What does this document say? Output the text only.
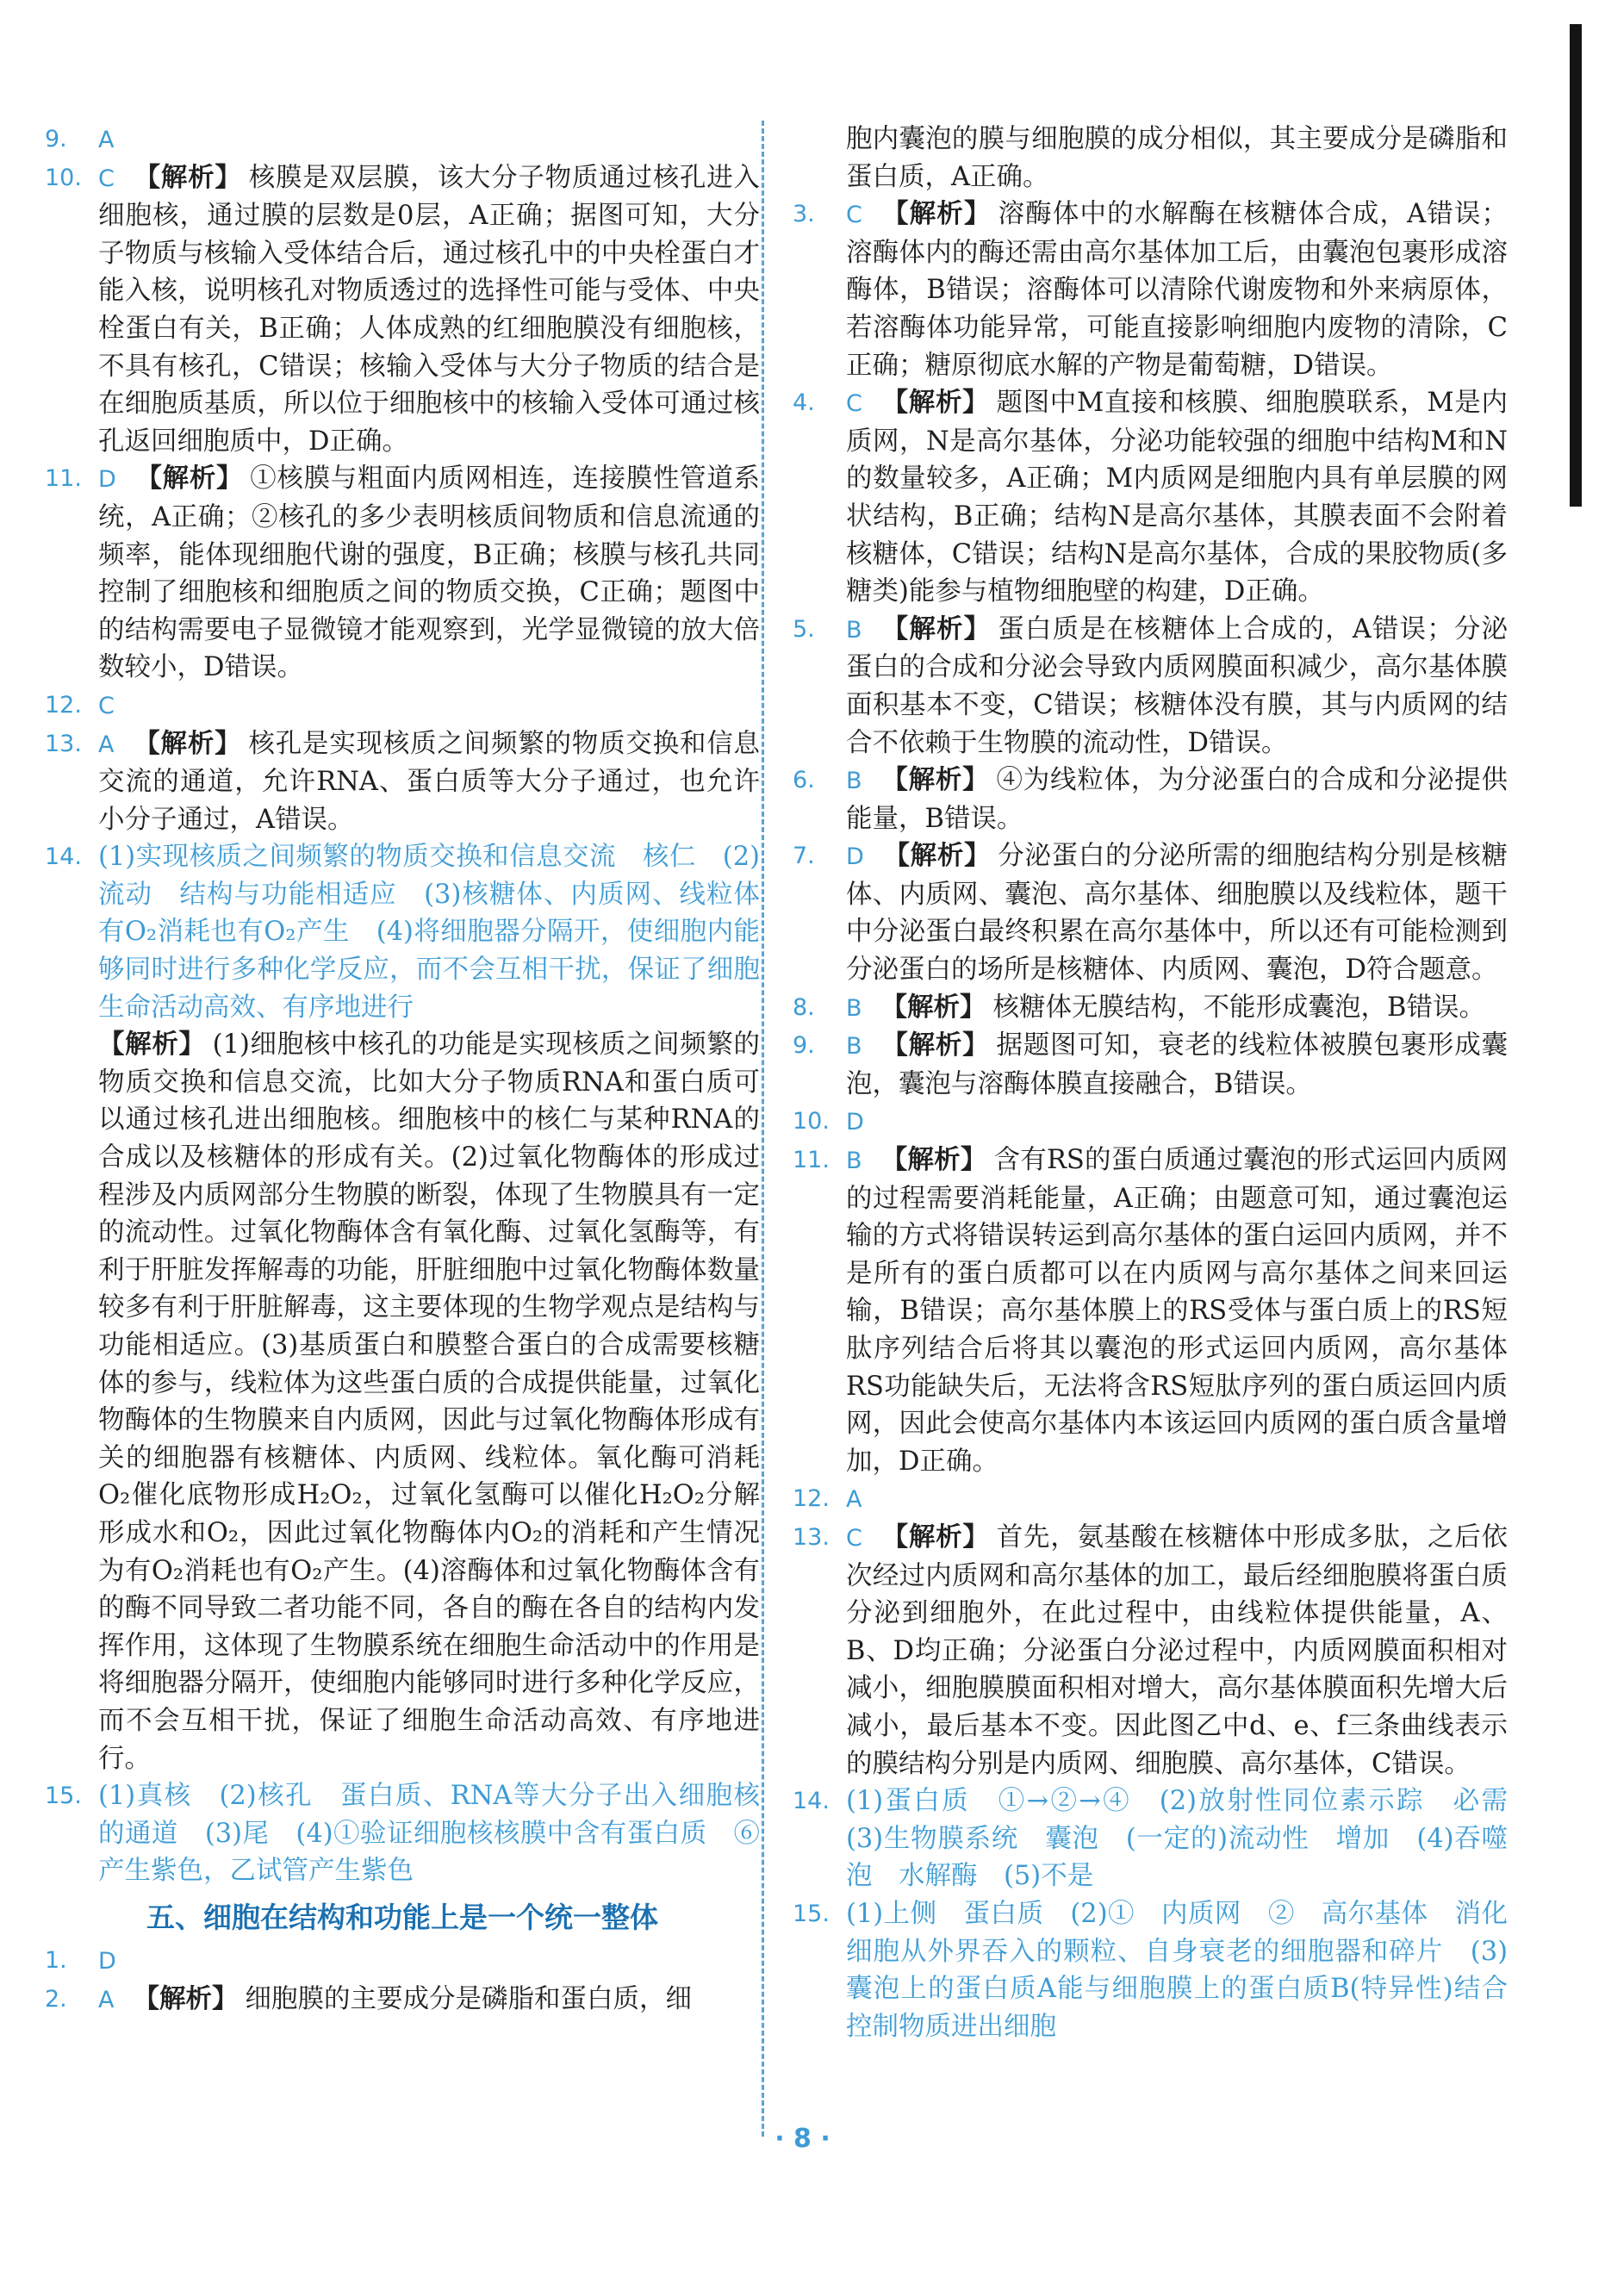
9.	A
10. C 【解析】 核膜是双层膜，该大分子物质通过核孔进入细胞核，通过膜的层数是0层，A正确；据图可知，大分子物质与核输入受体结合后，通过核孔中的中央栓蛋白才能入核，说明核孔对物质透过的选择性可能与受体、中央栓蛋白有关，B正确；人体成熟的红细胞膜没有细胞核，不具有核孔，C错误；核输入受体与大分子物质的结合是在细胞质基质，所以位于细胞核中的核输入受体可通过核孔返回细胞质中，D正确。
11. D 【解析】 ①核膜与粗面内质网相连，连接膜性管道系统，A正确；②核孔的多少表明核质间物质和信息流通的频率，能体现细胞代谢的强度，B正确；核膜与核孔共同控制了细胞核和细胞质之间的物质交换，C正确；题图中的结构需要电子显微镜才能观察到，光学显微镜的放大倍数较小，D错误。
12. C
13. A 【解析】 核孔是实现核质之间频繁的物质交换和信息交流的通道，允许RNA、蛋白质等大分子通过，也允许小分子通过，A错误。
14. (1)实现核质之间频繁的物质交换和信息交流　核仁　(2)流动　结构与功能相适应　(3)核糖体、内质网、线粒体　有O₂消耗也有O₂产生　(4)将细胞器分隔开，使细胞内能够同时进行多种化学反应，而不会互相干扰，保证了细胞生命活动高效、有序地进行
【解析】 (1)细胞核中核孔的功能是实现核质之间频繁的物质交换和信息交流，比如大分子物质RNA和蛋白质可以通过核孔进出细胞核。细胞核中的核仁与某种RNA的合成以及核糖体的形成有关。(2)过氧化物酶体的形成过程涉及内质网部分生物膜的断裂，体现了生物膜具有一定的流动性。过氧化物酶体含有氧化酶、过氧化氢酶等，有利于肝脏发挥解毒的功能，肝脏细胞中过氧化物酶体数量较多有利于肝脏解毒，这主要体现的生物学观点是结构与功能相适应。(3)基质蛋白和膜整合蛋白的合成需要核糖体的参与，线粒体为这些蛋白质的合成提供能量，过氧化物酶体的生物膜来自内质网，因此与过氧化物酶体形成有关的细胞器有核糖体、内质网、线粒体。氧化酶可消耗O₂催化底物形成H₂O₂，过氧化氢酶可以催化H₂O₂分解形成水和O₂，因此过氧化物酶体内O₂的消耗和产生情况为有O₂消耗也有O₂产生。(4)溶酶体和过氧化物酶体含有的酶不同导致二者功能不同，各自的酶在各自的结构内发挥作用，这体现了生物膜系统在细胞生命活动中的作用是将细胞器分隔开，使细胞内能够同时进行多种化学反应，而不会互相干扰，保证了细胞生命活动高效、有序地进行。
15. (1)真核　(2)核孔　蛋白质、RNA等大分子出入细胞核的通道　(3)尾　(4)①验证细胞核核膜中含有蛋白质　⑥产生紫色，乙试管产生紫色
五、细胞在结构和功能上是一个统一整体
1.	D
2.	A 【解析】 细胞膜的主要成分是磷脂和蛋白质，细
胞内囊泡的膜与细胞膜的成分相似，其主要成分是磷脂和蛋白质，A正确。
3.	C 【解析】 溶酶体中的水解酶在核糖体合成，A错误；溶酶体内的酶还需由高尔基体加工后，由囊泡包裹形成溶酶体，B错误；溶酶体可以清除代谢废物和外来病原体，若溶酶体功能异常，可能直接影响细胞内废物的清除，C正确；糖原彻底水解的产物是葡萄糖，D错误。
4.	C 【解析】 题图中M直接和核膜、细胞膜联系，M是内质网，N是高尔基体，分泌功能较强的细胞中结构M和N的数量较多，A正确；M内质网是细胞内具有单层膜的网状结构，B正确；结构N是高尔基体，其膜表面不会附着核糖体，C错误；结构N是高尔基体，合成的果胶物质(多糖类)能参与植物细胞壁的构建，D正确。
5.	B 【解析】 蛋白质是在核糖体上合成的，A错误；分泌蛋白的合成和分泌会导致内质网膜面积减少，高尔基体膜面积基本不变，C错误；核糖体没有膜，其与内质网的结合不依赖于生物膜的流动性，D错误。
6.	B 【解析】 ④为线粒体，为分泌蛋白的合成和分泌提供能量，B错误。
7.	D 【解析】 分泌蛋白的分泌所需的细胞结构分别是核糖体、内质网、囊泡、高尔基体、细胞膜以及线粒体，题干中分泌蛋白最终积累在高尔基体中，所以还有可能检测到分泌蛋白的场所是核糖体、内质网、囊泡，D符合题意。
8.	B 【解析】 核糖体无膜结构，不能形成囊泡，B错误。
9.	B 【解析】 据题图可知，衰老的线粒体被膜包裹形成囊泡，囊泡与溶酶体膜直接融合，B错误。
10. D
11. B 【解析】 含有RS的蛋白质通过囊泡的形式运回内质网的过程需要消耗能量，A正确；由题意可知，通过囊泡运输的方式将错误转运到高尔基体的蛋白运回内质网，并不是所有的蛋白质都可以在内质网与高尔基体之间来回运输，B错误；高尔基体膜上的RS受体与蛋白质上的RS短肽序列结合后将其以囊泡的形式运回内质网，高尔基体RS功能缺失后，无法将含RS短肽序列的蛋白质运回内质网，因此会使高尔基体内本该运回内质网的蛋白质含量增加，D正确。
12. A
13. C 【解析】 首先，氨基酸在核糖体中形成多肽，之后依次经过内质网和高尔基体的加工，最后经细胞膜将蛋白质分泌到细胞外，在此过程中，由线粒体提供能量，A、B、D均正确；分泌蛋白分泌过程中，内质网膜面积相对减小，细胞膜膜面积相对增大，高尔基体膜面积先增大后减小，最后基本不变。因此图乙中d、e、f三条曲线表示的膜结构分别是内质网、细胞膜、高尔基体，C错误。
14. (1)蛋白质　①→②→④　(2)放射性同位素示踪　必需　(3)生物膜系统　囊泡　(一定的)流动性　增加　(4)吞噬泡　水解酶　(5)不是
15. (1)上侧　蛋白质　(2)①　内质网　②　高尔基体　消化细胞从外界吞入的颗粒、自身衰老的细胞器和碎片　(3)囊泡上的蛋白质A能与细胞膜上的蛋白质B(特异性)结合　控制物质进出细胞
· 8 ·
